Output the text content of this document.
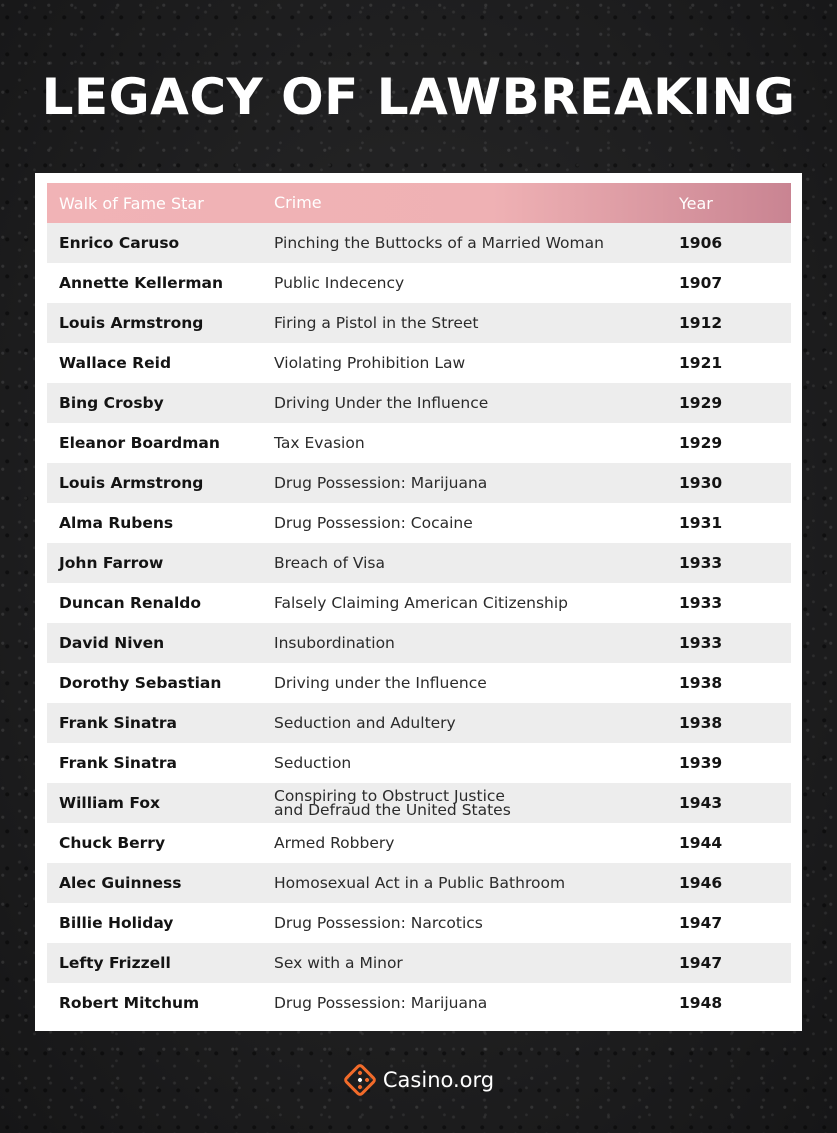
LEGACY OF LAWBREAKING
Walk of Fame Star	Crime	Year
Enrico Caruso	Pinching the Buttocks of a Married Woman	1906
Annette Kellerman	Public Indecency	1907
Louis Armstrong	Firing a Pistol in the Street	1912
Wallace Reid	Violating Prohibition Law	1921
Bing Crosby	Driving Under the Influence	1929
Eleanor Boardman	Tax Evasion	1929
Louis Armstrong	Drug Possession: Marijuana	1930
Alma Rubens	Drug Possession: Cocaine	1931
John Farrow	Breach of Visa	1933
Duncan Renaldo	Falsely Claiming American Citizenship	1933
David Niven	Insubordination	1933
Dorothy Sebastian	Driving under the Influence	1938
Frank Sinatra	Seduction and Adultery	1938
Frank Sinatra	Seduction	1939
William Fox	Conspiring to Obstruct Justice
and Defraud the United States	1943
Chuck Berry	Armed Robbery	1944
Alec Guinness	Homosexual Act in a Public Bathroom	1946
Billie Holiday	Drug Possession: Narcotics	1947
Lefty Frizzell	Sex with a Minor	1947
Robert Mitchum	Drug Possession: Marijuana	1948
Casino.org
